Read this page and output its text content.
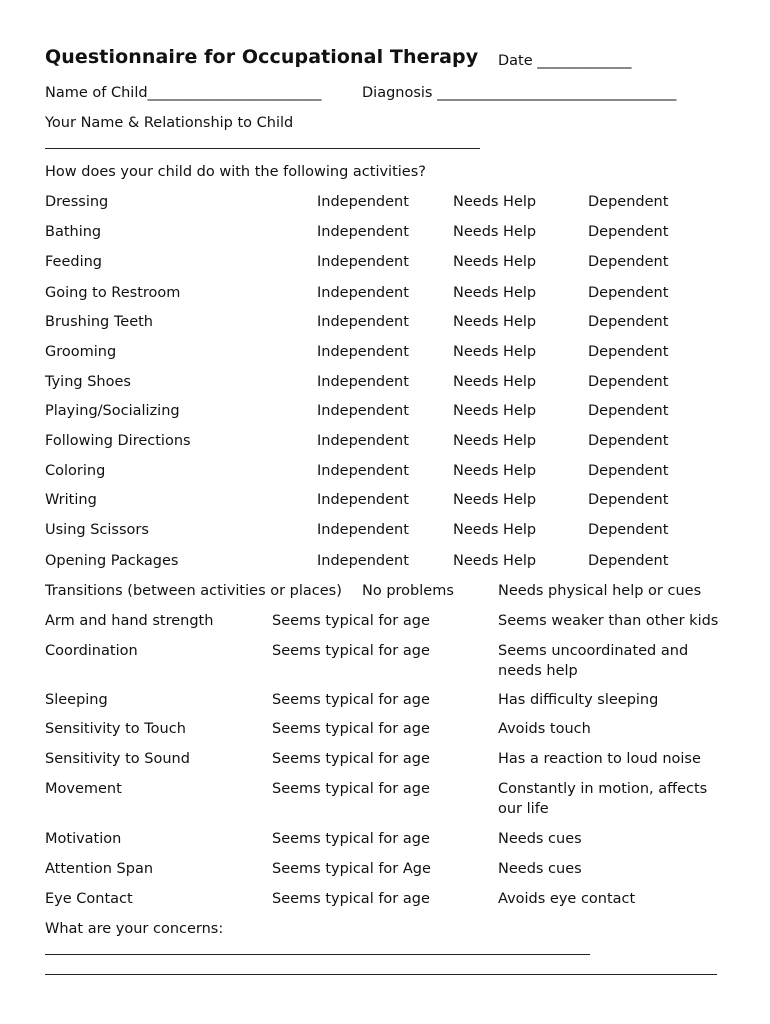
Questionnaire for Occupational Therapy Date _____________
Name of Child________________________	Diagnosis _________________________________
Your Name & Relationship to Child
How does your child do with the following activities?
Dressing	Independent	Needs Help	Dependent
Bathing	Independent	Needs Help	Dependent
Feeding	Independent	Needs Help	Dependent
Going to Restroom	Independent	Needs Help	Dependent
Brushing Teeth	Independent	Needs Help	Dependent
Grooming	Independent	Needs Help	Dependent
Tying Shoes	Independent	Needs Help	Dependent
Playing/Socializing	Independent	Needs Help	Dependent
Following Directions	Independent	Needs Help	Dependent
Coloring	Independent	Needs Help	Dependent
Writing	Independent	Needs Help	Dependent
Using Scissors	Independent	Needs Help	Dependent
Opening Packages	Independent	Needs Help	Dependent
Transitions (between activities or places) No problems	Needs physical help or cues
Arm and hand strength	Seems typical for age	Seems weaker than other kids
Coordination	Seems typical for age	Seems uncoordinated and needs help
Sleeping	Seems typical for age	Has difficulty sleeping
Sensitivity to Touch	Seems typical for age	Avoids touch
Sensitivity to Sound	Seems typical for age	Has a reaction to loud noise
Movement	Seems typical for age	Constantly in motion, affects our life
Motivation	Seems typical for age	Needs cues
Attention Span	Seems typical for Age	Needs cues
Eye Contact	Seems typical for age	Avoids eye contact
What are your concerns:
